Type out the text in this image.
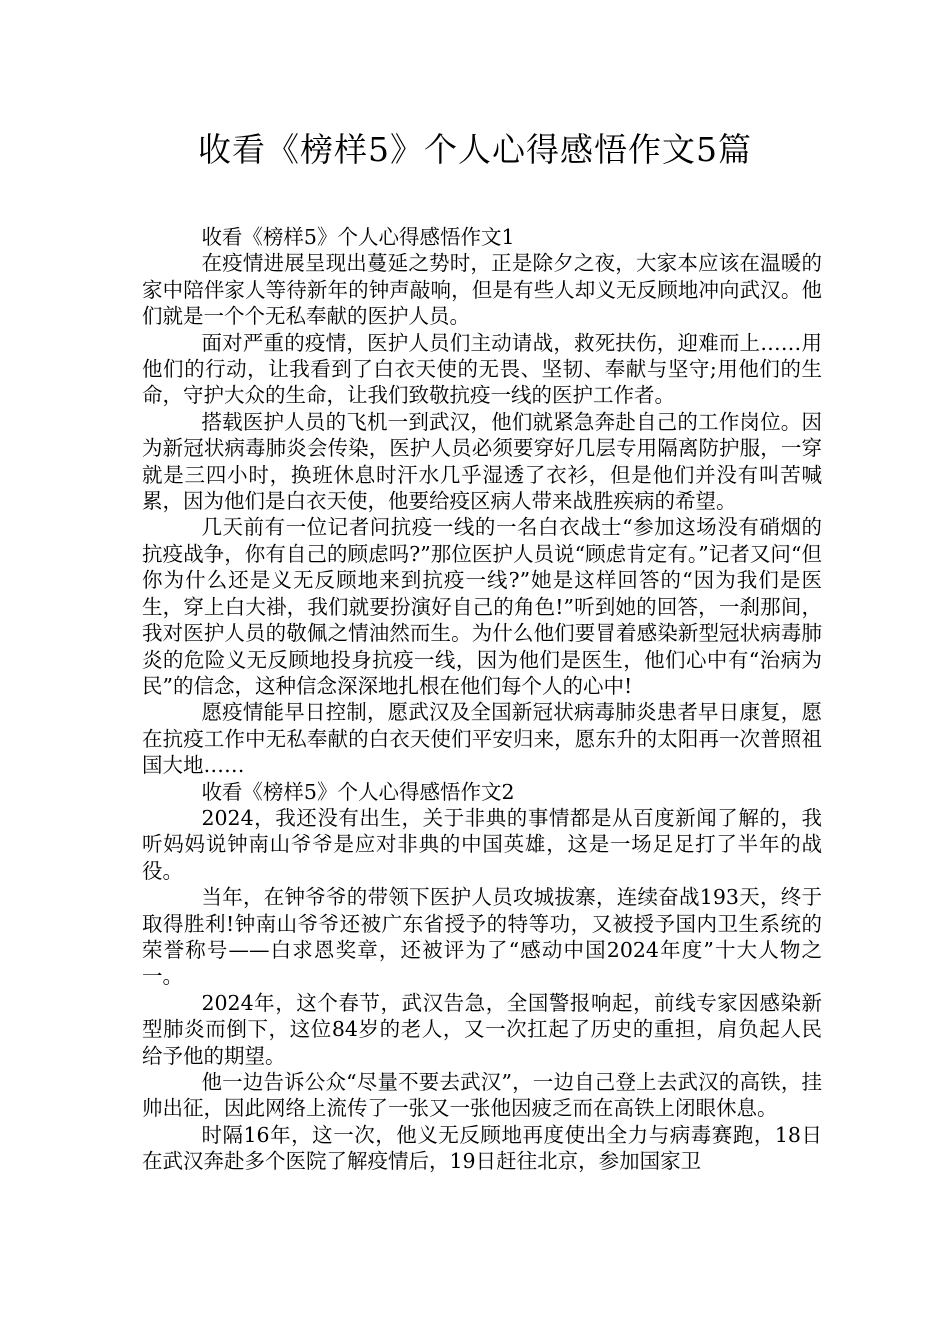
收看《榜样5》个人心得感悟作文5篇

收看《榜样5》个人心得感悟作文1

在疫情进展呈现出蔓延之势时，正是除夕之夜，大家本应该在温暖的家中陪伴家人等待新年的钟声敲响，但是有些人却义无反顾地冲向武汉。他们就是一个个无私奉献的医护人员。

面对严重的疫情，医护人员们主动请战，救死扶伤，迎难而上……用他们的行动，让我看到了白衣天使的无畏、坚韧、奉献与坚守;用他们的生命，守护大众的生命，让我们致敬抗疫一线的医护工作者。

搭载医护人员的飞机一到武汉，他们就紧急奔赴自己的工作岗位。因为新冠状病毒肺炎会传染，医护人员必须要穿好几层专用隔离防护服，一穿就是三四小时，换班休息时汗水几乎湿透了衣衫，但是他们并没有叫苦喊累，因为他们是白衣天使，他要给疫区病人带来战胜疾病的希望。

几天前有一位记者问抗疫一线的一名白衣战士“参加这场没有硝烟的抗疫战争，你有自己的顾虑吗?”那位医护人员说“顾虑肯定有。”记者又问“但你为什么还是义无反顾地来到抗疫一线?”她是这样回答的“因为我们是医生，穿上白大褂，我们就要扮演好自己的角色!”听到她的回答，一刹那间，我对医护人员的敬佩之情油然而生。为什么他们要冒着感染新型冠状病毒肺炎的危险义无反顾地投身抗疫一线，因为他们是医生，他们心中有“治病为民”的信念，这种信念深深地扎根在他们每个人的心中!

愿疫情能早日控制，愿武汉及全国新冠状病毒肺炎患者早日康复，愿在抗疫工作中无私奉献的白衣天使们平安归来，愿东升的太阳再一次普照祖国大地……

收看《榜样5》个人心得感悟作文2

2024，我还没有出生，关于非典的事情都是从百度新闻了解的，我听妈妈说钟南山爷爷是应对非典的中国英雄，这是一场足足打了半年的战役。

当年，在钟爷爷的带领下医护人员攻城拔寨，连续奋战193天，终于取得胜利!钟南山爷爷还被广东省授予的特等功，又被授予国内卫生系统的荣誉称号——白求恩奖章，还被评为了“感动中国2024年度”十大人物之一。

2024年，这个春节，武汉告急，全国警报响起，前线专家因感染新型肺炎而倒下，这位84岁的老人，又一次扛起了历史的重担，肩负起人民给予他的期望。

他一边告诉公众“尽量不要去武汉”，一边自己登上去武汉的高铁，挂帅出征，因此网络上流传了一张又一张他因疲乏而在高铁上闭眼休息。

时隔16年，这一次，他义无反顾地再度使出全力与病毒赛跑，18日在武汉奔赴多个医院了解疫情后，19日赶往北京，参加国家卫
